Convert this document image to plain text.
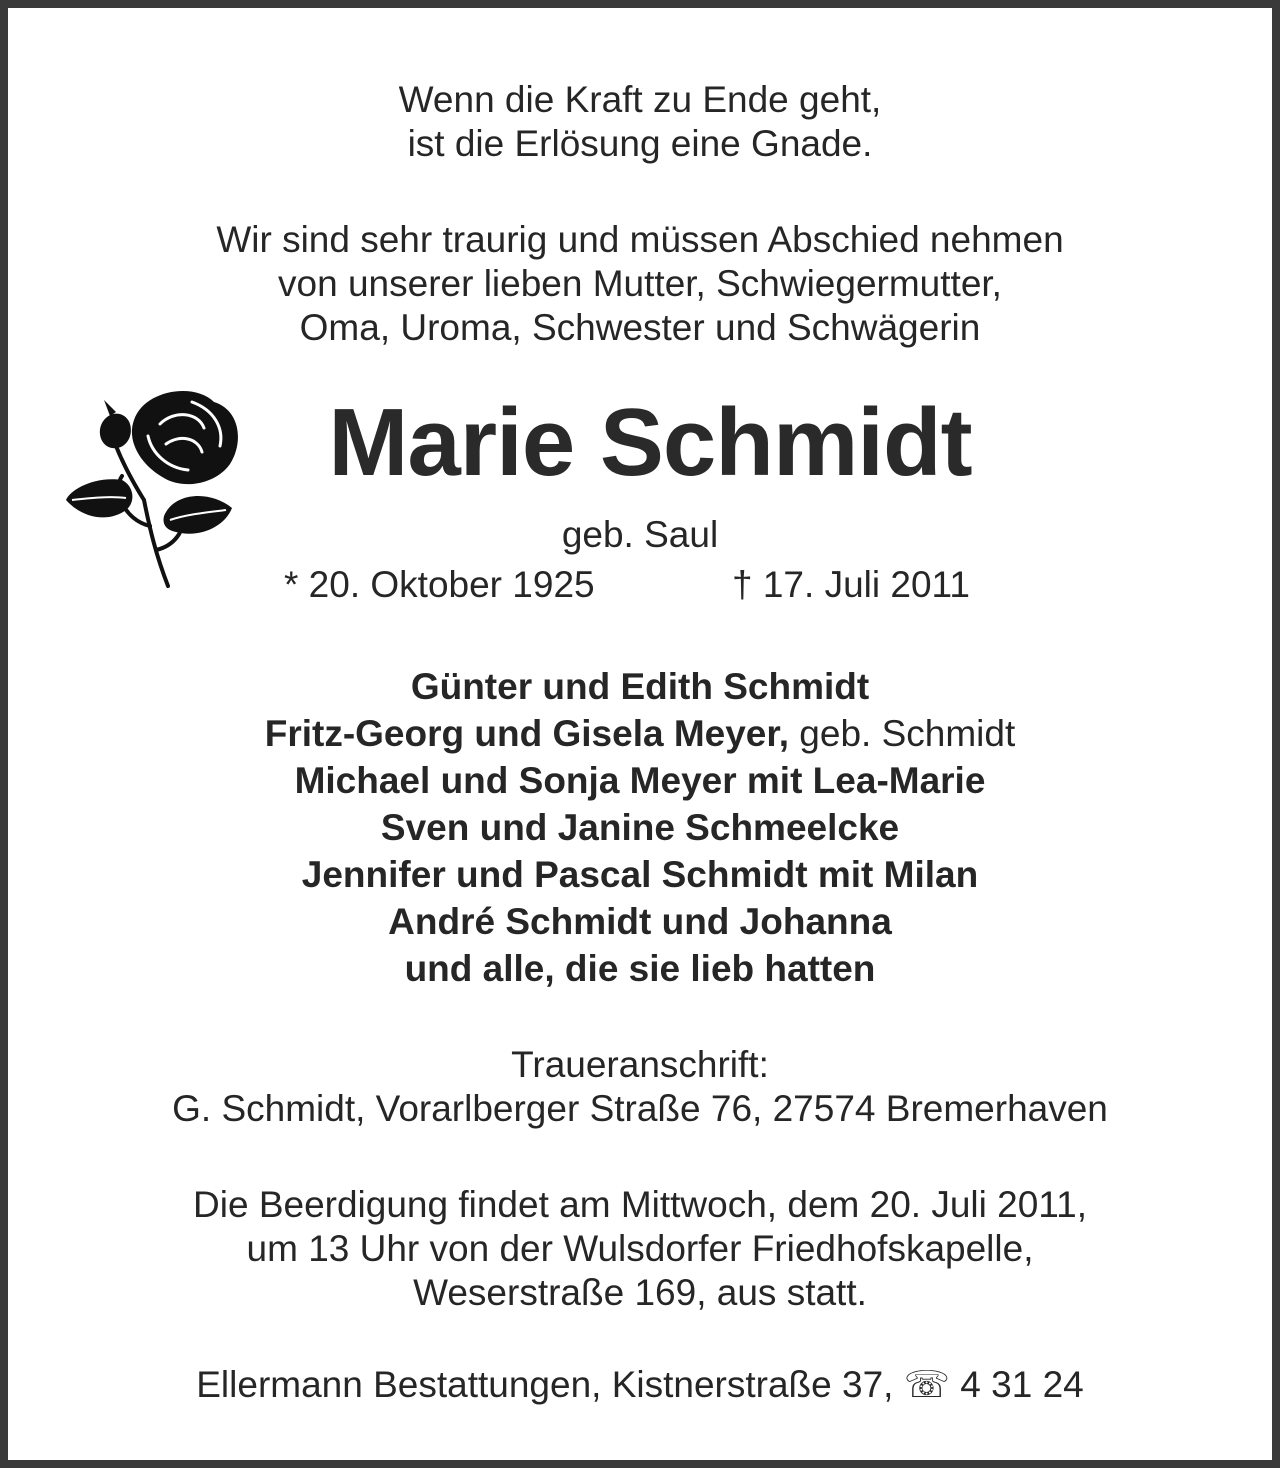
Wenn die Kraft zu Ende geht,
ist die Erlösung eine Gnade.
Wir sind sehr traurig und müssen Abschied nehmen
von unserer lieben Mutter, Schwiegermutter,
Oma, Uroma, Schwester und Schwägerin
Marie Schmidt
geb. Saul
* 20. Oktober 1925	† 17. Juli 2011
Günter und Edith Schmidt
Fritz-Georg und Gisela Meyer, geb. Schmidt
Michael und Sonja Meyer mit Lea-Marie
Sven und Janine Schmeelcke
Jennifer und Pascal Schmidt mit Milan
André Schmidt und Johanna
und alle, die sie lieb hatten
Traueranschrift:
G. Schmidt, Vorarlberger Straße 76, 27574 Bremerhaven
Die Beerdigung findet am Mittwoch, dem 20. Juli 2011,
um 13 Uhr von der Wulsdorfer Friedhofskapelle,
Weserstraße 169, aus statt.
Ellermann Bestattungen, Kistnerstraße 37, ☏ 4 31 24
